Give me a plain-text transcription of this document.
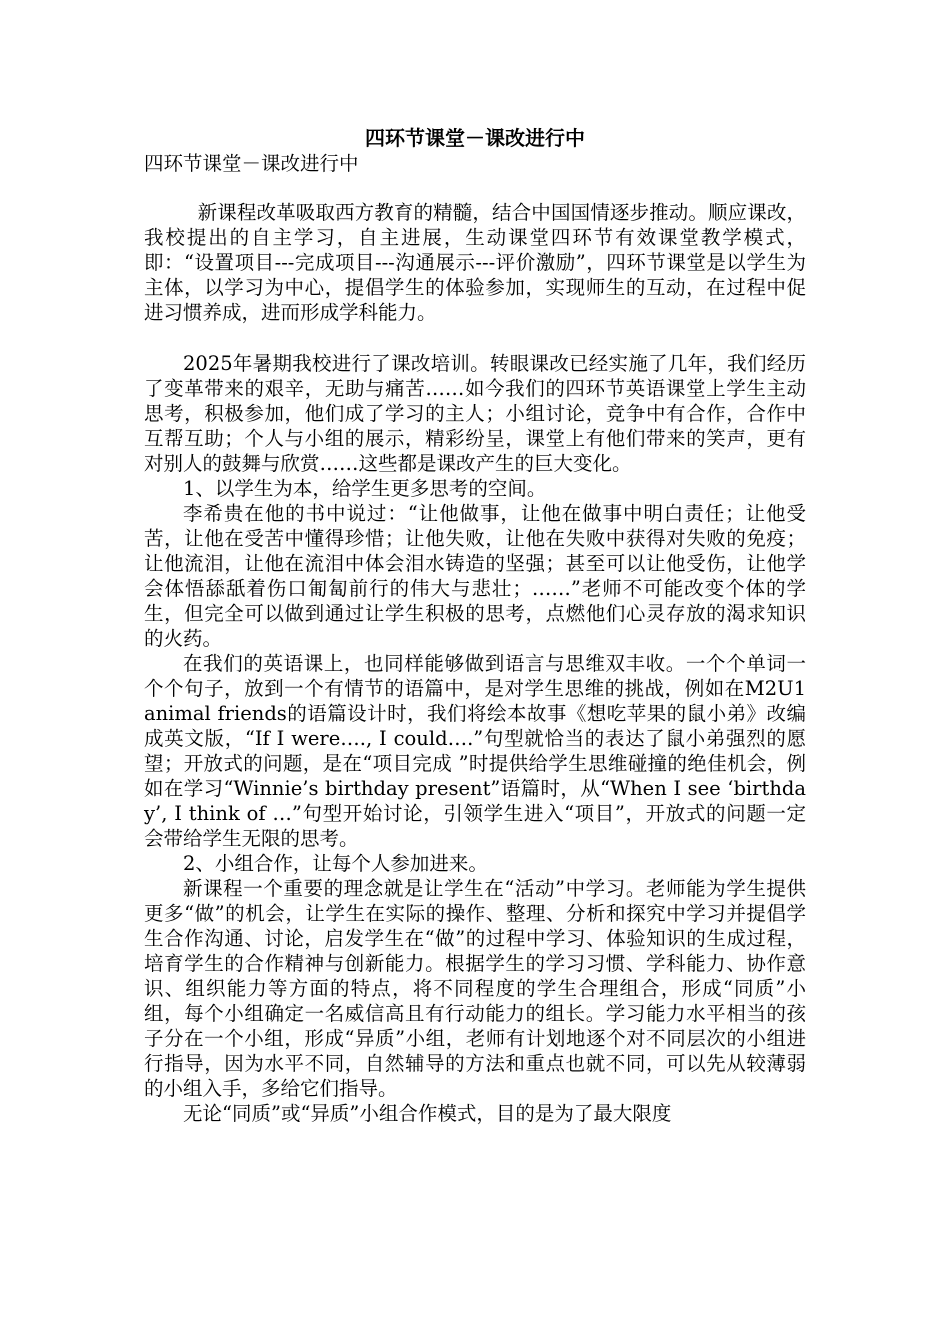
四环节课堂－课改进行中

四环节课堂－课改进行中

新课程改革吸取西方教育的精髓，结合中国国情逐步推动。顺应课改，我校提出的自主学习，自主进展，生动课堂四环节有效课堂教学模式，即：“设置项目---完成项目---沟通展示---评价激励”，四环节课堂是以学生为主体，以学习为中心，提倡学生的体验参加，实现师生的互动，在过程中促进习惯养成，进而形成学科能力。

2025年暑期我校进行了课改培训。转眼课改已经实施了几年，我们经历了变革带来的艰辛，无助与痛苦……如今我们的四环节英语课堂上学生主动思考，积极参加，他们成了学习的主人；小组讨论，竞争中有合作，合作中互帮互助；个人与小组的展示，精彩纷呈，课堂上有他们带来的笑声，更有对别人的鼓舞与欣赏……这些都是课改产生的巨大变化。

1、以学生为本，给学生更多思考的空间。

李希贵在他的书中说过：“让他做事，让他在做事中明白责任；让他受苦，让他在受苦中懂得珍惜；让他失败，让他在失败中获得对失败的免疫；让他流泪，让他在流泪中体会泪水铸造的坚强；甚至可以让他受伤，让他学会体悟舔舐着伤口匍匐前行的伟大与悲壮；……”老师不可能改变个体的学生，但完全可以做到通过让学生积极的思考，点燃他们心灵存放的渴求知识的火药。

在我们的英语课上，也同样能够做到语言与思维双丰收。一个个单词一个个句子，放到一个有情节的语篇中，是对学生思维的挑战，例如在M2U1 animal friends的语篇设计时，我们将绘本故事《想吃苹果的鼠小弟》改编成英文版，“If I were…., I could….”句型就恰当的表达了鼠小弟强烈的愿望；开放式的问题，是在“项目完成 ”时提供给学生思维碰撞的绝佳机会，例如在学习“Winnie’s birthday present”语篇时，从“When I see ‘birthday’, I think of …”句型开始讨论，引领学生进入“项目”，开放式的问题一定会带给学生无限的思考。

2、小组合作，让每个人参加进来。

新课程一个重要的理念就是让学生在“活动”中学习。老师能为学生提供更多“做”的机会，让学生在实际的操作、整理、分析和探究中学习并提倡学生合作沟通、讨论，启发学生在“做”的过程中学习、体验知识的生成过程，培育学生的合作精神与创新能力。根据学生的学习习惯、学科能力、协作意识、组织能力等方面的特点，将不同程度的学生合理组合，形成“同质”小组，每个小组确定一名威信高且有行动能力的组长。学习能力水平相当的孩子分在一个小组，形成“异质”小组，老师有计划地逐个对不同层次的小组进行指导，因为水平不同，自然辅导的方法和重点也就不同，可以先从较薄弱的小组入手，多给它们指导。

无论“同质”或“异质”小组合作模式，目的是为了最大限度
